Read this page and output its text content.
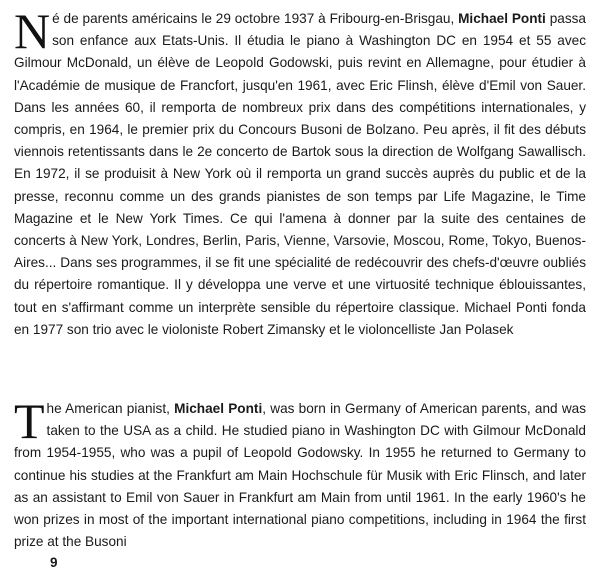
Né de parents américains le 29 octobre 1937 à Fribourg-en-Brisgau, Michael Ponti passa son enfance aux Etats-Unis. Il étudia le piano à Washington DC en 1954 et 55 avec Gilmour McDonald, un élève de Leopold Godowski, puis revint en Allemagne, pour étudier à l'Académie de musique de Francfort, jusqu'en 1961, avec Eric Flinsh, élève d'Emil von Sauer. Dans les années 60, il remporta de nombreux prix dans des compétitions internationales, y compris, en 1964, le premier prix du Concours Busoni de Bolzano. Peu après, il fit des débuts viennois retentissants dans le 2e concerto de Bartok sous la direction de Wolfgang Sawallisch. En 1972, il se produisit à New York où il remporta un grand succès auprès du public et de la presse, reconnu comme un des grands pianistes de son temps par Life Magazine, le Time Magazine et le New York Times. Ce qui l'amena à donner par la suite des centaines de concerts à New York, Londres, Berlin, Paris, Vienne, Varsovie, Moscou, Rome, Tokyo, Buenos-Aires... Dans ses programmes, il se fit une spécialité de redécouvrir des chefs-d'œuvre oubliés du répertoire romantique. Il y développa une verve et une virtuosité technique éblouissantes, tout en s'affirmant comme un interprète sensible du répertoire classique. Michael Ponti fonda en 1977 son trio avec le violoniste Robert Zimansky et le violoncelliste Jan Polasek

The American pianist, Michael Ponti, was born in Germany of American parents, and was taken to the USA as a child. He studied piano in Washington DC with Gilmour McDonald from 1954-1955, who was a pupil of Leopold Godowsky. In 1955 he returned to Germany to continue his studies at the Frankfurt am Main Hochschule für Musik with Eric Flinsch, and later as an assistant to Emil von Sauer in Frankfurt am Main from until 1961. In the early 1960's he won prizes in most of the important international piano competitions, including in 1964 the first prize at the Busoni

9
